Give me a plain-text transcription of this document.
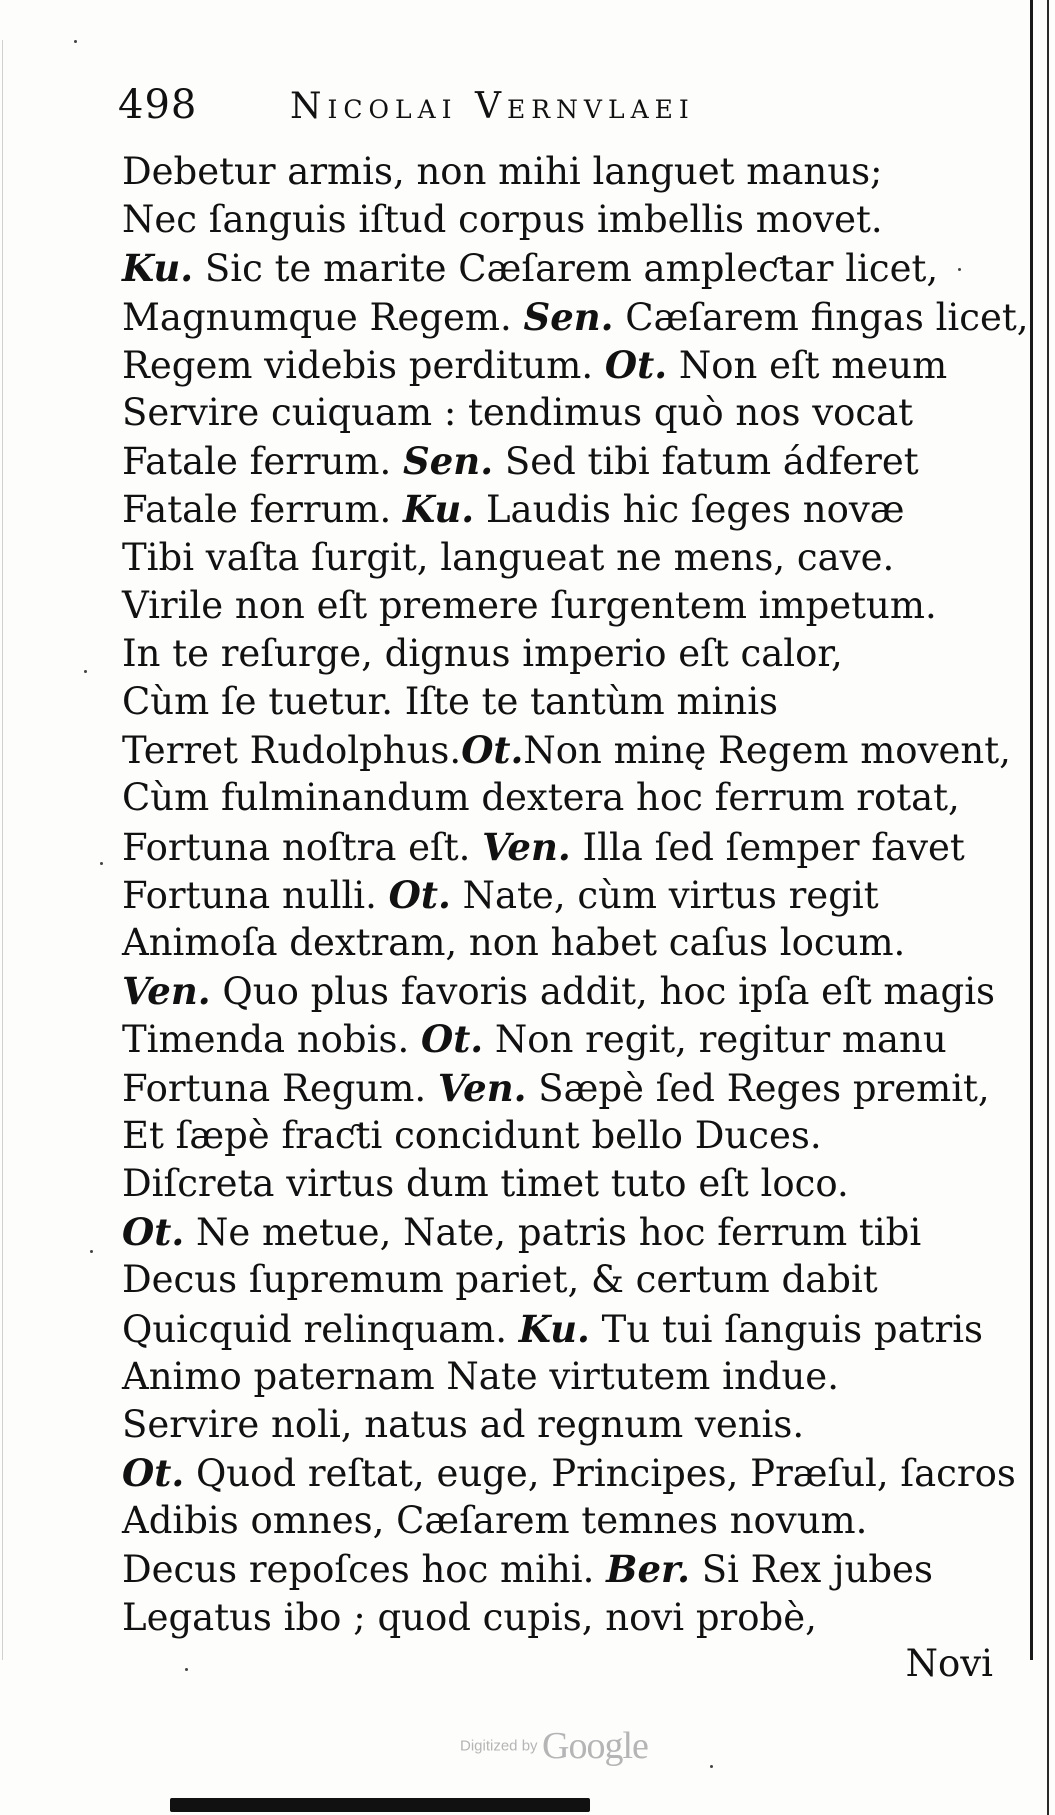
498	Nicolai Vernvlaei
Debetur armis, non mihi languet manus;
Nec ſanguis iſtud corpus imbellis movet.
Ku. Sic te marite Cæſarem ampleƈtar licet,
Magnumque Regem. Sen. Cæſarem fingas licet,
Regem videbis perditum. Ot. Non eſt meum
Servire cuiquam : tendimus quò nos vocat
Fatale ferrum. Sen. Sed tibi fatum ádferet
Fatale ferrum. Ku. Laudis hic ſeges novæ
Tibi vaſta ſurgit, langueat ne mens, cave.
Virile non eſt premere ſurgentem impetum.
In te reſurge, dignus imperio eſt calor,
Cùm ſe tuetur. Iſte te tantùm minis
Terret Rudolphus.Ot.Non minę Regem movent,
Cùm fulminandum dextera hoc ferrum rotat,
Fortuna noſtra eſt. Ven. Illa ſed ſemper favet
Fortuna nulli. Ot. Nate, cùm virtus regit
Animoſa dextram, non habet caſus locum.
Ven. Quo plus favoris addit, hoc ipſa eſt magis
Timenda nobis. Ot. Non regit, regitur manu
Fortuna Regum. Ven. Sæpè ſed Reges premit,
Et ſæpè fraƈti concidunt bello Duces.
Diſcreta virtus dum timet tuto eſt loco.
Ot. Ne metue, Nate, patris hoc ferrum tibi
Decus ſupremum pariet, & certum dabit
Quicquid relinquam. Ku. Tu tui ſanguis patris
Animo paternam Nate virtutem indue.
Servire noli, natus ad regnum venis.
Ot. Quod reſtat, euge, Principes, Præſul, ſacros
Adibis omnes, Cæſarem temnes novum.
Decus repoſces hoc mihi. Ber. Si Rex jubes
Legatus ibo ; quod cupis, novi probè,
Novi
Digitized by Google
